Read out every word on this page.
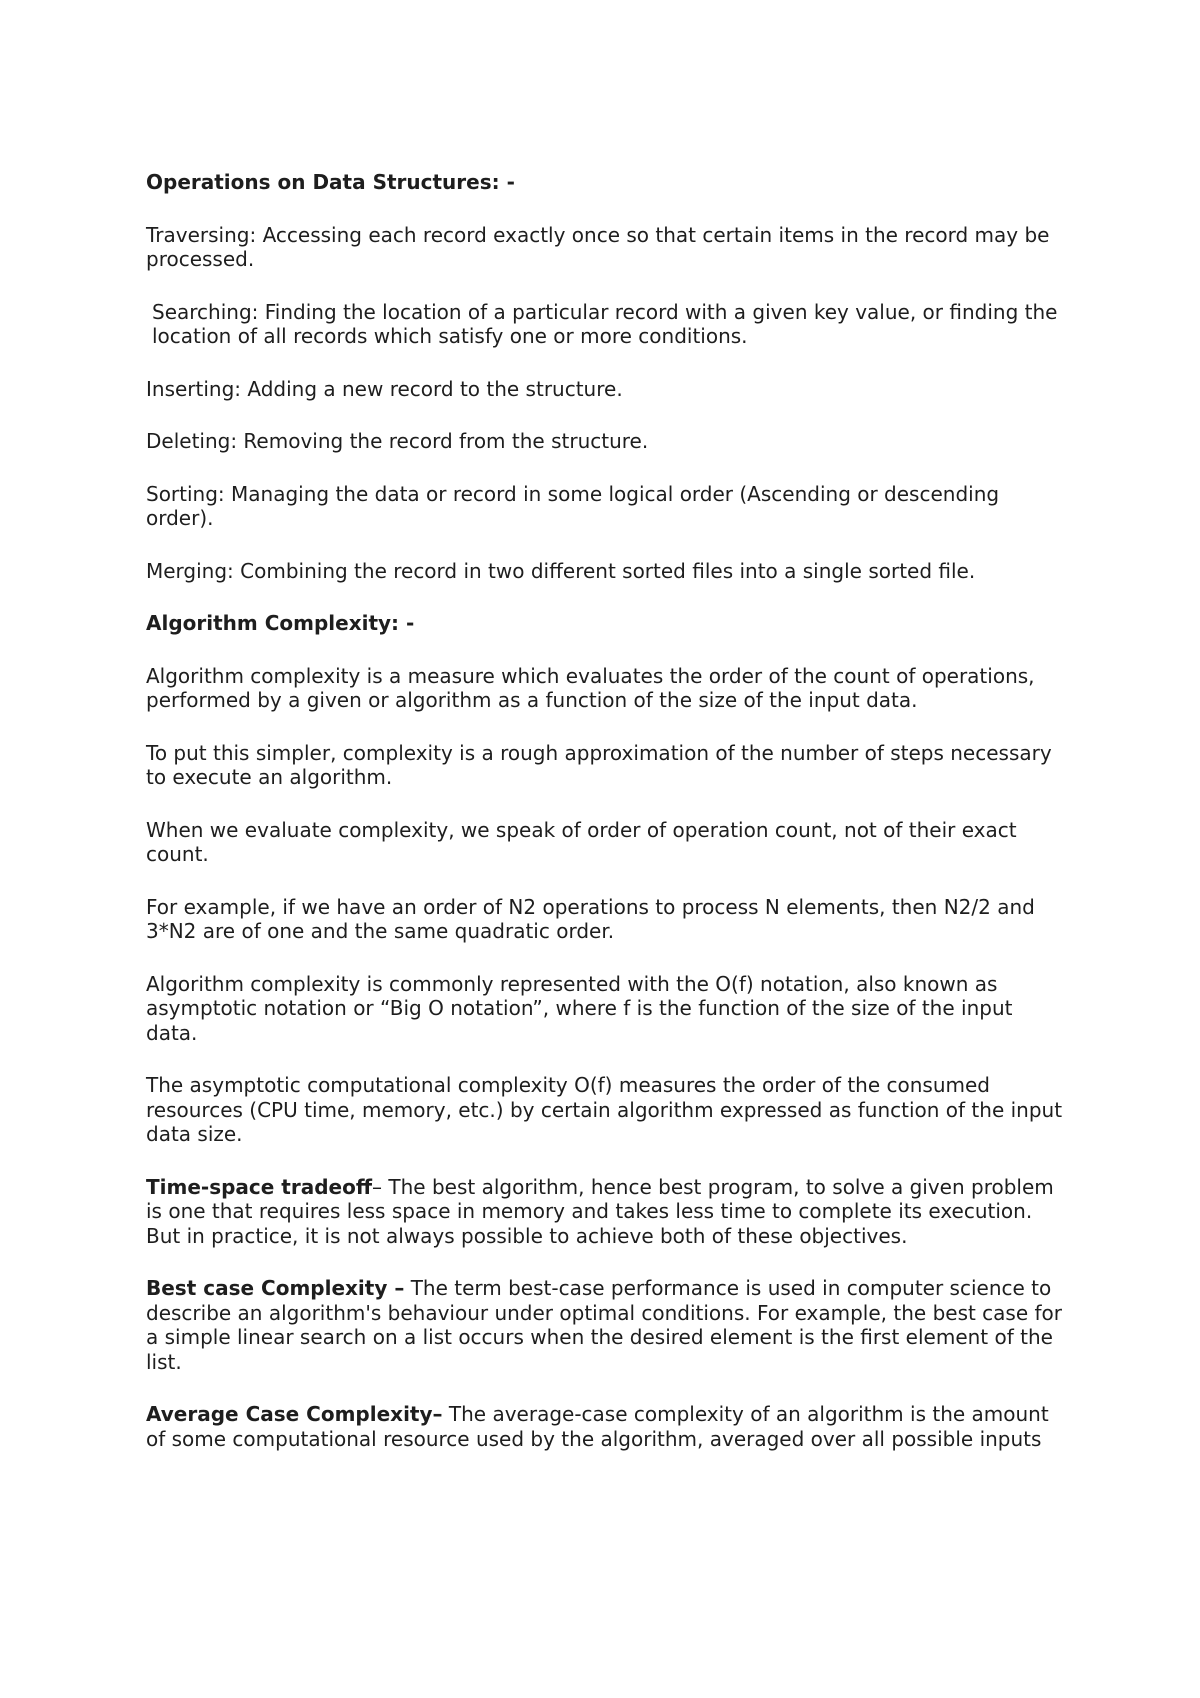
Operations on Data Structures: -

Traversing: Accessing each record exactly once so that certain items in the record may be processed.

Searching: Finding the location of a particular record with a given key value, or finding the location of all records which satisfy one or more conditions.

Inserting: Adding a new record to the structure.

Deleting: Removing the record from the structure.

Sorting: Managing the data or record in some logical order (Ascending or descending order).

Merging: Combining the record in two different sorted files into a single sorted file.

Algorithm Complexity: -

Algorithm complexity is a measure which evaluates the order of the count of operations, performed by a given or algorithm as a function of the size of the input data.

To put this simpler, complexity is a rough approximation of the number of steps necessary to execute an algorithm.

When we evaluate complexity, we speak of order of operation count, not of their exact count.

For example, if we have an order of N2 operations to process N elements, then N2/2 and 3*N2 are of one and the same quadratic order.

Algorithm complexity is commonly represented with the O(f) notation, also known as asymptotic notation or “Big O notation”, where f is the function of the size of the input data.

The asymptotic computational complexity O(f) measures the order of the consumed resources (CPU time, memory, etc.) by certain algorithm expressed as function of the input data size.

Time-space tradeoff– The best algorithm, hence best program, to solve a given problem is one that requires less space in memory and takes less time to complete its execution. But in practice, it is not always possible to achieve both of these objectives.

Best case Complexity – The term best-case performance is used in computer science to describe an algorithm's behaviour under optimal conditions. For example, the best case for a simple linear search on a list occurs when the desired element is the first element of the list.

Average Case Complexity– The average-case complexity of an algorithm is the amount of some computational resource used by the algorithm, averaged over all possible inputs
